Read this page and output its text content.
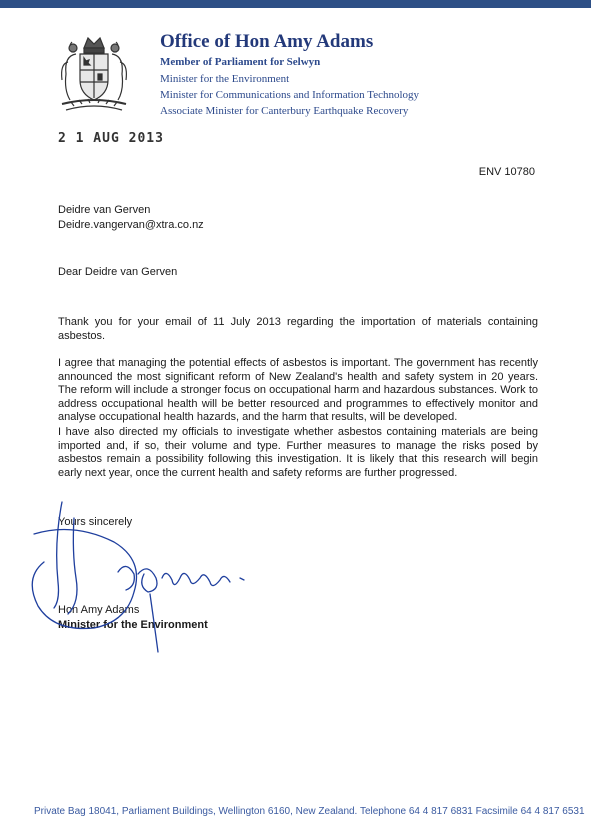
Office of Hon Amy Adams
Member of Parliament for Selwyn
Minister for the Environment
Minister for Communications and Information Technology
Associate Minister for Canterbury Earthquake Recovery
2 1 AUG 2013
ENV 10780
Deidre van Gerven
Deidre.vangervan@xtra.co.nz
Dear Deidre van Gerven

Thank you for your email of 11 July 2013 regarding the importation of materials containing asbestos.

I agree that managing the potential effects of asbestos is important. The government has recently announced the most significant reform of New Zealand's health and safety system in 20 years. The reform will include a stronger focus on occupational harm and hazardous substances. Work to address occupational health will be better resourced and programmes to effectively monitor and analyse occupational health hazards, and the harm that results, will be developed.

I have also directed my officials to investigate whether asbestos containing materials are being imported and, if so, their volume and type. Further measures to manage the risks posed by asbestos remain a possibility following this investigation. It is likely that this research will begin early next year, once the current health and safety reforms are further progressed.

Yours sincerely
Hon Amy Adams
Minister for the Environment
Private Bag 18041, Parliament Buildings, Wellington 6160, New Zealand. Telephone 64 4 817 6831 Facsimile 64 4 817 6531
